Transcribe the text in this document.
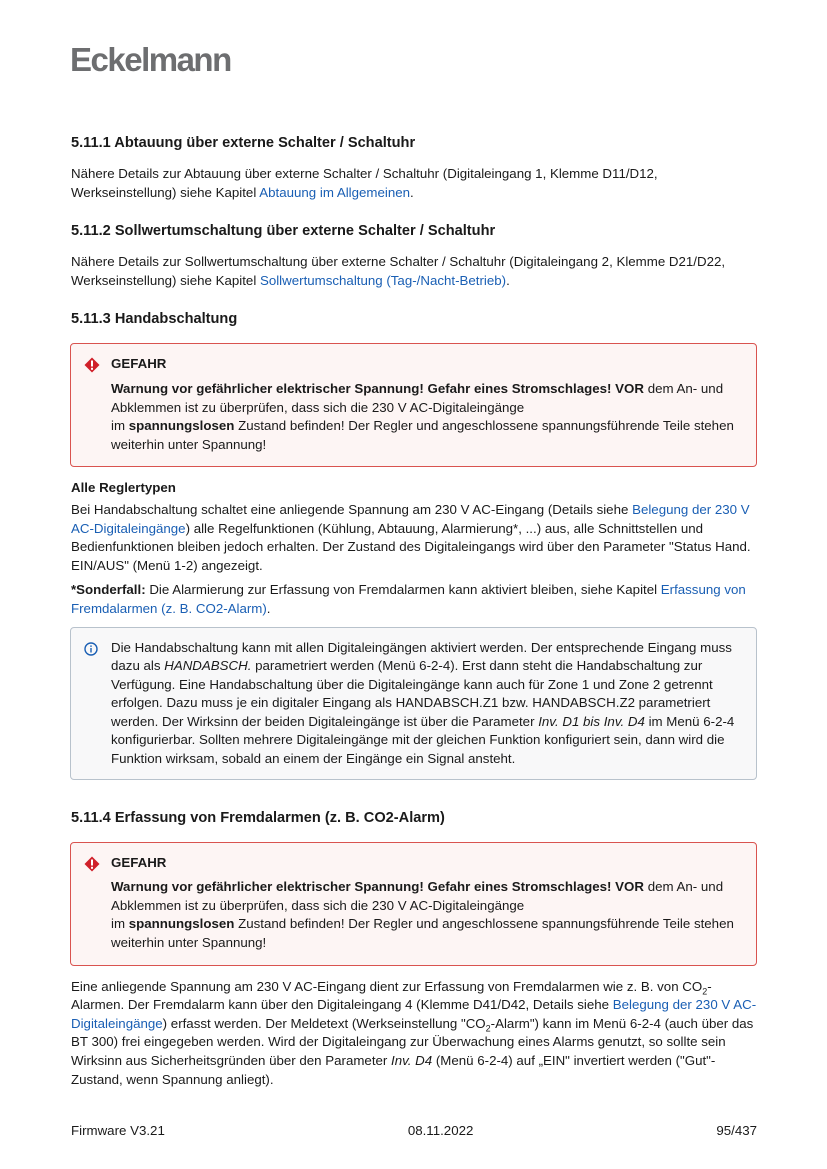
Eckelmann
5.11.1 Abtauung über externe Schalter / Schaltuhr

Nähere Details zur Abtauung über externe Schalter / Schaltuhr (Digitaleingang 1, Klemme D11/D12, Werkseinstellung) siehe Kapitel Abtauung im Allgemeinen.

5.11.2 Sollwertumschaltung über externe Schalter / Schaltuhr

Nähere Details zur Sollwertumschaltung über externe Schalter / Schaltuhr (Digitaleingang 2, Klemme D21/D22, Werkseinstellung) siehe Kapitel Sollwertumschaltung (Tag-/Nacht-Betrieb).

5.11.3 Handabschaltung
GEFAHR
Warnung vor gefährlicher elektrischer Spannung! Gefahr eines Stromschlages! VOR dem An- und Abklemmen ist zu überprüfen, dass sich die 230 V AC-Digitaleingänge
im spannungslosen Zustand befinden! Der Regler und angeschlossene spannungsführende Teile stehen weiterhin unter Spannung!

Alle Reglertypen

Bei Handabschaltung schaltet eine anliegende Spannung am 230 V AC-Eingang (Details siehe Belegung der 230 V AC-Digitaleingänge) alle Regelfunktionen (Kühlung, Abtauung, Alarmierung*, ...) aus, alle Schnittstellen und Bedienfunktionen bleiben jedoch erhalten. Der Zustand des Digitaleingangs wird über den Parameter "Status Hand. EIN/AUS" (Menü 1-2) angezeigt.

*Sonderfall: Die Alarmierung zur Erfassung von Fremdalarmen kann aktiviert bleiben, siehe Kapitel Erfassung von Fremdalarmen (z. B. CO2-Alarm).

Die Handabschaltung kann mit allen Digitaleingängen aktiviert werden. Der entsprechende Eingang muss dazu als HANDABSCH. parametriert werden (Menü 6-2-4). Erst dann steht die Handabschaltung zur Verfügung. Eine Handabschaltung über die Digitaleingänge kann auch für Zone 1 und Zone 2 getrennt erfolgen. Dazu muss je ein digitaler Eingang als HANDABSCH.Z1 bzw. HANDABSCH.Z2 parametriert werden. Der Wirksinn der beiden Digitaleingänge ist über die Parameter Inv. D1 bis Inv. D4 im Menü 6-2-4 konfigurierbar. Sollten mehrere Digitaleingänge mit der gleichen Funktion konfiguriert sein, dann wird die Funktion wirksam, sobald an einem der Eingänge ein Signal ansteht.
5.11.4 Erfassung von Fremdalarmen (z. B. CO2-Alarm)
GEFAHR
Warnung vor gefährlicher elektrischer Spannung! Gefahr eines Stromschlages! VOR dem An- und Abklemmen ist zu überprüfen, dass sich die 230 V AC-Digitaleingänge
im spannungslosen Zustand befinden! Der Regler und angeschlossene spannungsführende Teile stehen weiterhin unter Spannung!

Eine anliegende Spannung am 230 V AC-Eingang dient zur Erfassung von Fremdalarmen wie z. B. von $CO_2$-Alarmen. Der Fremdalarm kann über den Digitaleingang 4 (Klemme D41/D42, Details siehe Belegung der 230 V AC-Digitaleingänge) erfasst werden. Der Meldetext (Werkseinstellung "$CO_2-Alarm$") kann im Menü 6-2-4 (auch über das BT 300) frei eingegeben werden. Wird der Digitaleingang zur Überwachung eines Alarms genutzt, so sollte sein Wirksinn aus Sicherheitsgründen über den Parameter Inv. D4 (Menü 6-2-4) auf „EIN" invertiert werden ("Gut"-Zustand, wenn Spannung anliegt).

Firmware V3.21	08.11.2022	95/437
